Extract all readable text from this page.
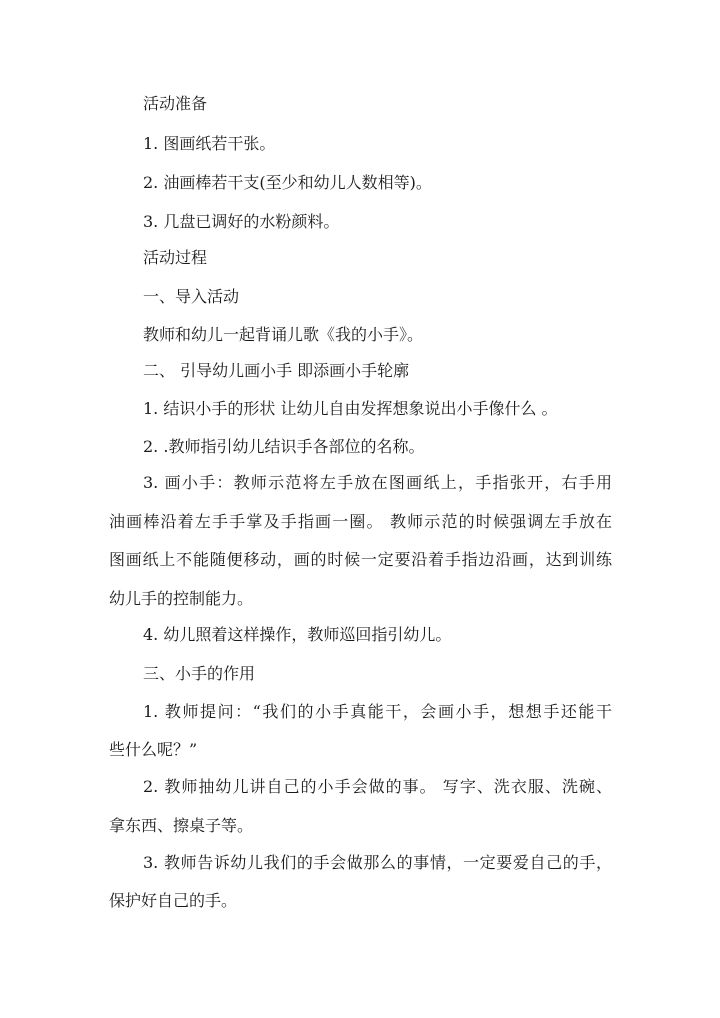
活动准备

1. 图画纸若干张。

2. 油画棒若干支(至少和幼儿人数相等)。

3. 几盘已调好的水粉颜料。

活动过程

一、导入活动

教师和幼儿一起背诵儿歌《我的小手》。

二、 引导幼儿画小手 即添画小手轮廓

1. 结识小手的形状 让幼儿自由发挥想象说出小手像什么 。

2. .教师指引幼儿结识手各部位的名称。

3. 画小手：教师示范将左手放在图画纸上，手指张开，右手用

油画棒沿着左手手掌及手指画一圈。 教师示范的时候强调左手放在

图画纸上不能随便移动，画的时候一定要沿着手指边沿画，达到训练

幼儿手的控制能力。

4. 幼儿照着这样操作，教师巡回指引幼儿。

三、小手的作用

1. 教师提问：“我们的小手真能干，会画小手，想想手还能干

些什么呢？”

2. 教师抽幼儿讲自己的小手会做的事。 写字、洗衣服、洗碗、

拿东西、擦桌子等。

3. 教师告诉幼儿我们的手会做那么的事情，一定要爱自己的手，

保护好自己的手。
